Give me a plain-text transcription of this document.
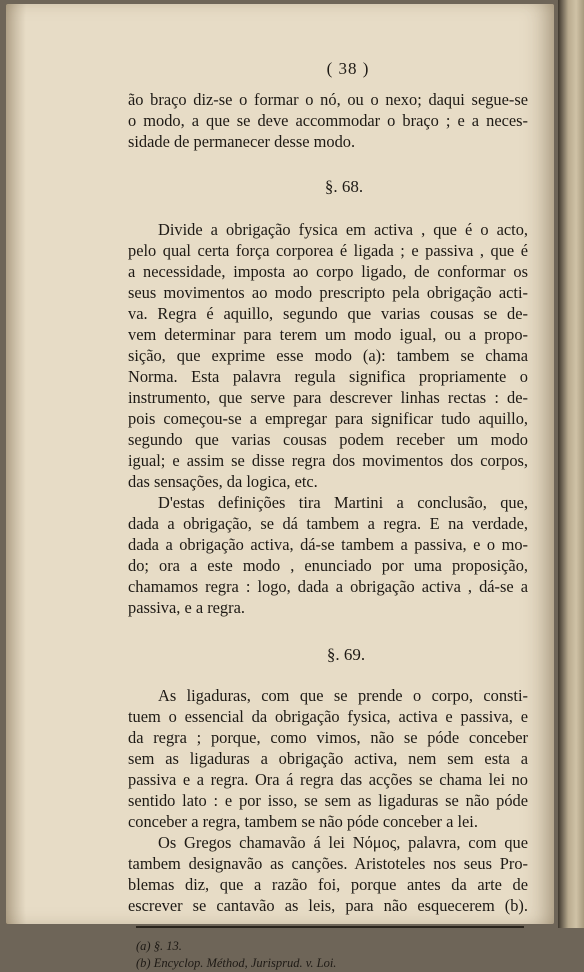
( 38 )
ão braço diz-se o formar o nó, ou o nexo; daqui segue-se
o modo, a que se deve accommodar o braço ; e a neces-
sidade de permanecer desse modo.
§. 68.
Divide a obrigação fysica em activa , que é o acto,
pelo qual certa força corporea é ligada ; e passiva , que é
a necessidade, imposta ao corpo ligado, de conformar os
seus movimentos ao modo prescripto pela obrigação acti-
va. Regra é aquillo, segundo que varias cousas se de-
vem determinar para terem um modo igual, ou a propo-
sição, que exprime esse modo (a): tambem se chama
Norma. Esta palavra regula significa propriamente o
instrumento, que serve para descrever linhas rectas : de-
pois começou-se a empregar para significar tudo aquillo,
segundo que varias cousas podem receber um modo
igual; e assim se disse regra dos movimentos dos corpos,
das sensações, da logica, etc.
D'estas definições tira Martini a conclusão, que,
dada a obrigação, se dá tambem a regra. E na verdade,
dada a obrigação activa, dá-se tambem a passiva, e o mo-
do; ora a este modo , enunciado por uma proposição,
chamamos regra : logo, dada a obrigação activa , dá-se a
passiva, e a regra.
§. 69.
As ligaduras, com que se prende o corpo, consti-
tuem o essencial da obrigação fysica, activa e passiva, e
da regra ; porque, como vimos, não se póde conceber
sem as ligaduras a obrigação activa, nem sem esta a
passiva e a regra. Ora á regra das acções se chama lei no
sentido lato : e por isso, se sem as ligaduras se não póde
conceber a regra, tambem se não póde conceber a lei.
Os Gregos chamavão á lei Νόμος, palavra, com que
tambem designavão as canções. Aristoteles nos seus Pro-
blemas diz, que a razão foi, porque antes da arte de
escrever se cantavão as leis, para não esquecerem (b).
(a) §. 13.
(b) Encyclop. Méthod, Jurisprud. v. Loi.
